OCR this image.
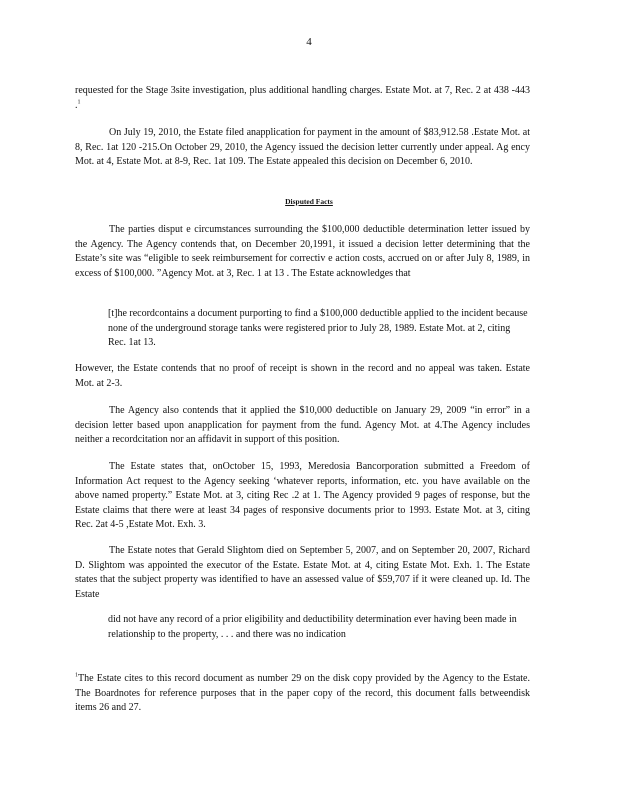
4
requested for the Stage 3site investigation, plus additional handling charges. Estate Mot. at 7, Rec. 2 at 438 -443 .$^1$
On July 19, 2010, the Estate filed anapplication for payment in the amount of $83,912.58 .Estate Mot. at 8, Rec. 1at 120 -215.On October 29, 2010, the Agency issued the decision letter currently under appeal. Ag ency Mot. at 4, Estate Mot. at 8-9, Rec. 1at 109. The Estate appealed this decision on December 6, 2010.
Disputed Facts
The parties disput e circumstances surrounding the $100,000 deductible determination letter issued by the Agency. The Agency contends that, on December 20,1991, it issued a decision letter determining that the Estate’s site was “eligible to seek reimbursement for correctiv e action costs, accrued on or after July 8, 1989, in excess of $100,000. ”Agency Mot. at 3, Rec. 1 at 13 . The Estate acknowledges that
[t]he recordcontains a document purporting to find a $100,000 deductible applied to the incident because none of the underground storage tanks were registered prior to July 28, 1989. Estate Mot. at 2, citing Rec. 1at 13.
However, the Estate contends that no proof of receipt is shown in the record and no appeal was taken. Estate Mot. at 2-3.
The Agency also contends that it applied the $10,000 deductible on January 29, 2009 “in error” in a decision letter based upon anapplication for payment from the fund. Agency Mot. at 4.The Agency includes neither a recordcitation nor an affidavit in support of this position.
The Estate states that, onOctober 15, 1993, Meredosia Bancorporation submitted a Freedom of Information Act request to the Agency seeking ‘whatever reports, information, etc. you have available on the above named property.” Estate Mot. at 3, citing Rec .2 at 1. The Agency provided 9 pages of response, but the Estate claims that there were at least 34 pages of responsive documents prior to 1993. Estate Mot. at 3, citing Rec. 2at 4-5 ,Estate Mot. Exh. 3.
The Estate notes that Gerald Slightom died on September 5, 2007, and on September 20, 2007, Richard D. Slightom was appointed the executor of the Estate. Estate Mot. at 4, citing Estate Mot. Exh. 1. The Estate states that the subject property was identified to have an assessed value of $59,707 if it were cleaned up. Id. The Estate
did not have any record of a prior eligibility and deductibility determination ever having been made in relationship to the property, . . . and there was no indication
$^1$The Estate cites to this record document as number 29 on the disk copy provided by the Agency to the Estate. The Boardnotes for reference purposes that in the paper copy of the record, this document falls betweendisk items 26 and 27.
